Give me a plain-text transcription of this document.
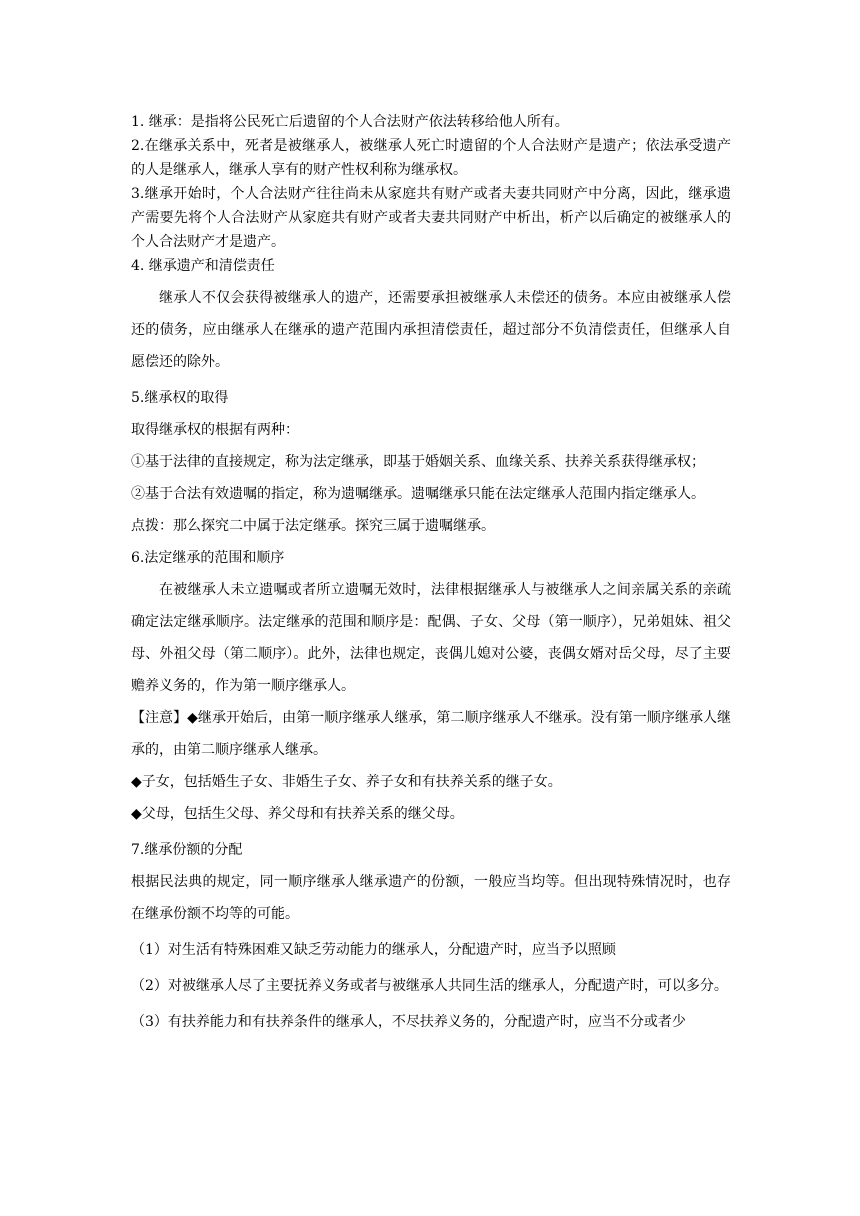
1. 继承：是指将公民死亡后遗留的个人合法财产依法转移给他人所有。

2.在继承关系中，死者是被继承人，被继承人死亡时遗留的个人合法财产是遗产；依法承受遗产的人是继承人，继承人享有的财产性权利称为继承权。

3.继承开始时，个人合法财产往往尚未从家庭共有财产或者夫妻共同财产中分离，因此，继承遗产需要先将个人合法财产从家庭共有财产或者夫妻共同财产中析出，析产以后确定的被继承人的个人合法财产才是遗产。

4. 继承遗产和清偿责任

继承人不仅会获得被继承人的遗产，还需要承担被继承人未偿还的债务。本应由被继承人偿还的债务，应由继承人在继承的遗产范围内承担清偿责任，超过部分不负清偿责任，但继承人自愿偿还的除外。

5.继承权的取得

取得继承权的根据有两种：

①基于法律的直接规定，称为法定继承，即基于婚姻关系、血缘关系、扶养关系获得继承权；

②基于合法有效遗嘱的指定，称为遗嘱继承。遗嘱继承只能在法定继承人范围内指定继承人。

点拨：那么探究二中属于法定继承。探究三属于遗嘱继承。

6.法定继承的范围和顺序

在被继承人未立遗嘱或者所立遗嘱无效时，法律根据继承人与被继承人之间亲属关系的亲疏确定法定继承顺序。法定继承的范围和顺序是：配偶、子女、父母（第一顺序），兄弟姐妹、祖父母、外祖父母（第二顺序）。此外，法律也规定，丧偶儿媳对公婆，丧偶女婿对岳父母，尽了主要赡养义务的，作为第一顺序继承人。

【注意】◆继承开始后，由第一顺序继承人继承，第二顺序继承人不继承。没有第一顺序继承人继承的，由第二顺序继承人继承。

◆子女，包括婚生子女、非婚生子女、养子女和有扶养关系的继子女。

◆父母，包括生父母、养父母和有扶养关系的继父母。

7.继承份额的分配

根据民法典的规定，同一顺序继承人继承遗产的份额，一般应当均等。但出现特殊情况时，也存在继承份额不均等的可能。

（1）对生活有特殊困难又缺乏劳动能力的继承人，分配遗产时，应当予以照顾

（2）对被继承人尽了主要抚养义务或者与被继承人共同生活的继承人，分配遗产时，可以多分。

（3）有扶养能力和有扶养条件的继承人，不尽扶养义务的，分配遗产时，应当不分或者少
